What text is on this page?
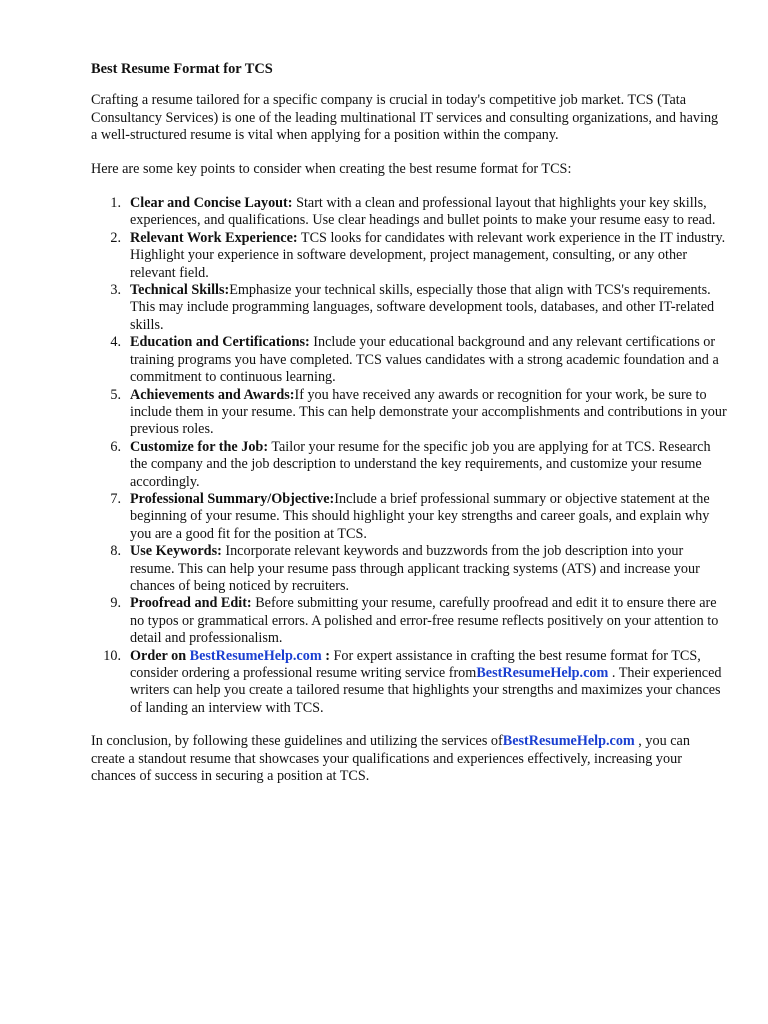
Best Resume Format for TCS
Crafting a resume tailored for a specific company is crucial in today's competitive job market. TCS (Tata Consultancy Services) is one of the leading multinational IT services and consulting organizations, and having a well-structured resume is vital when applying for a position within the company.
Here are some key points to consider when creating the best resume format for TCS:
1. Clear and Concise Layout: Start with a clean and professional layout that highlights your key skills, experiences, and qualifications. Use clear headings and bullet points to make your resume easy to read.
2. Relevant Work Experience: TCS looks for candidates with relevant work experience in the IT industry. Highlight your experience in software development, project management, consulting, or any other relevant field.
3. Technical Skills:Emphasize your technical skills, especially those that align with TCS's requirements. This may include programming languages, software development tools, databases, and other IT-related skills.
4. Education and Certifications: Include your educational background and any relevant certifications or training programs you have completed. TCS values candidates with a strong academic foundation and a commitment to continuous learning.
5. Achievements and Awards:If you have received any awards or recognition for your work, be sure to include them in your resume. This can help demonstrate your accomplishments and contributions in your previous roles.
6. Customize for the Job: Tailor your resume for the specific job you are applying for at TCS. Research the company and the job description to understand the key requirements, and customize your resume accordingly.
7. Professional Summary/Objective:Include a brief professional summary or objective statement at the beginning of your resume. This should highlight your key strengths and career goals, and explain why you are a good fit for the position at TCS.
8. Use Keywords: Incorporate relevant keywords and buzzwords from the job description into your resume. This can help your resume pass through applicant tracking systems (ATS) and increase your chances of being noticed by recruiters.
9. Proofread and Edit: Before submitting your resume, carefully proofread and edit it to ensure there are no typos or grammatical errors. A polished and error-free resume reflects positively on your attention to detail and professionalism.
10. Order on BestResumeHelp.com : For expert assistance in crafting the best resume format for TCS, consider ordering a professional resume writing service fromBestResumeHelp.com . Their experienced writers can help you create a tailored resume that highlights your strengths and maximizes your chances of landing an interview with TCS.
In conclusion, by following these guidelines and utilizing the services ofBestResumeHelp.com , you can create a standout resume that showcases your qualifications and experiences effectively, increasing your chances of success in securing a position at TCS.
